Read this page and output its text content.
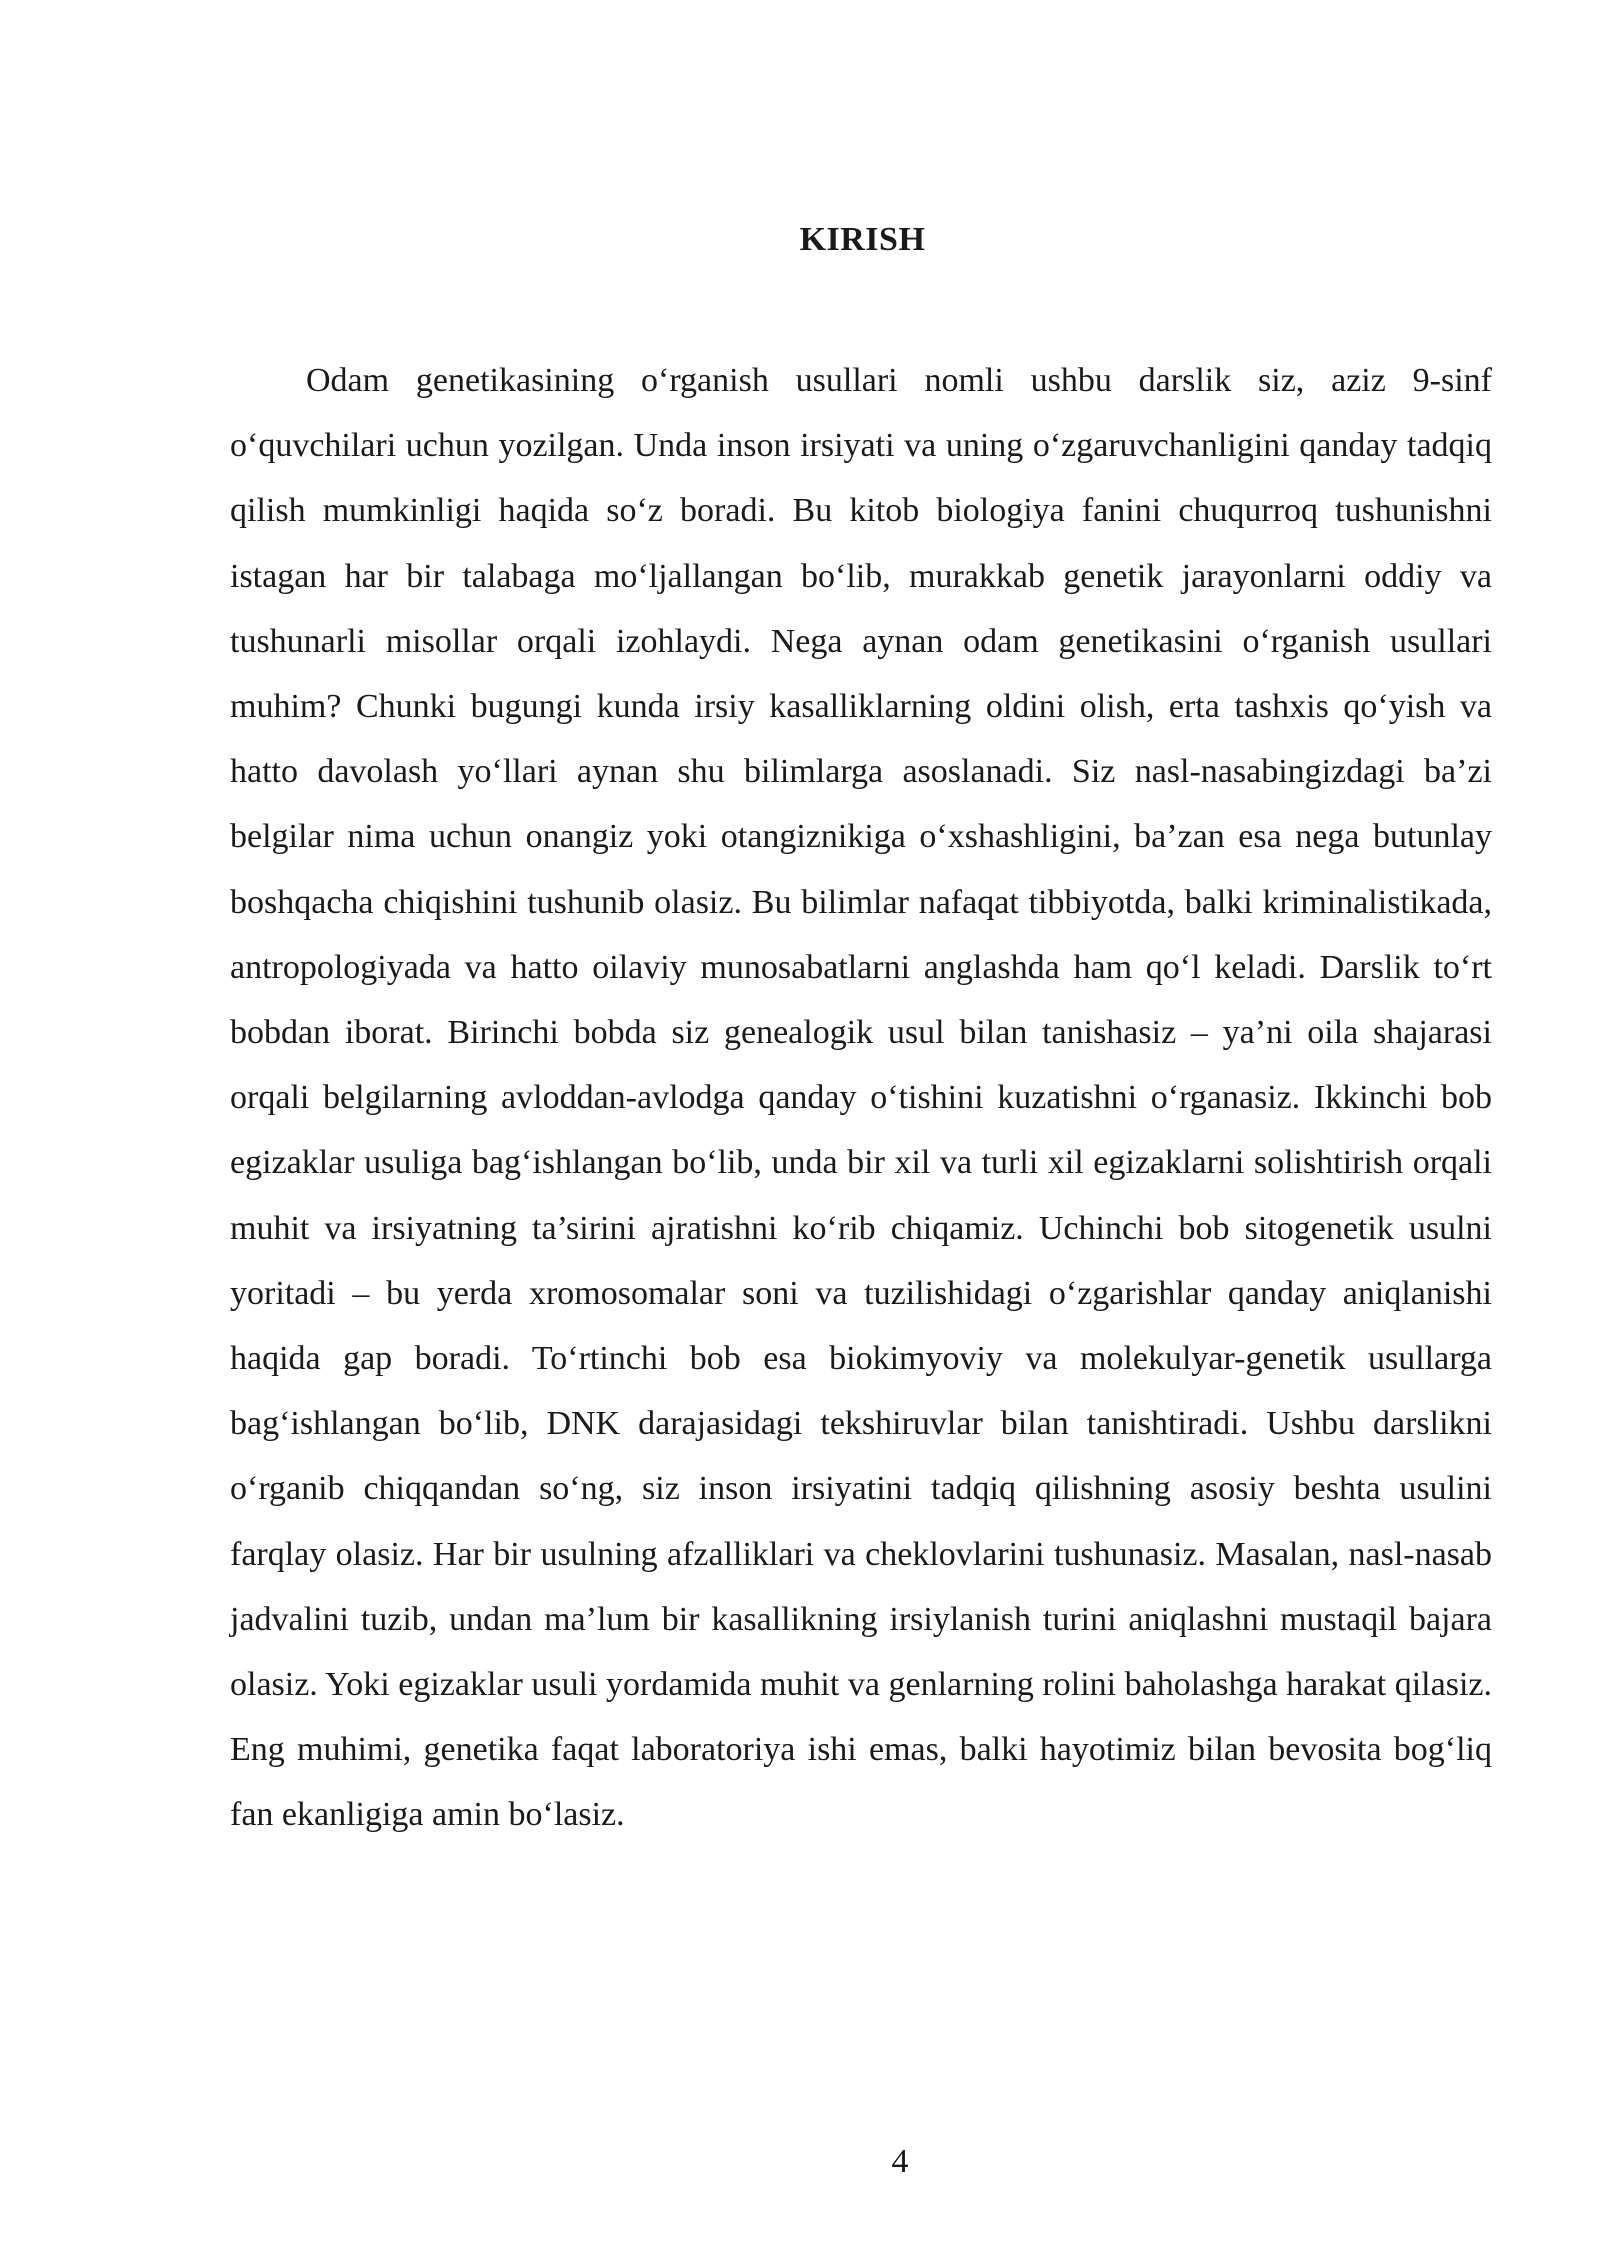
KIRISH

Odam genetikasining o‘rganish usullari nomli ushbu darslik siz, aziz 9-sinf o‘quvchilari uchun yozilgan. Unda inson irsiyati va uning o‘zgaruvchanligini qanday tadqiq qilish mumkinligi haqida so‘z boradi. Bu kitob biologiya fanini chuqurroq tushunishni istagan har bir talabaga mo‘ljallangan bo‘lib, murakkab genetik jarayonlarni oddiy va tushunarli misollar orqali izohlaydi. Nega aynan odam genetikasini o‘rganish usullari muhim? Chunki bugungi kunda irsiy kasalliklarning oldini olish, erta tashxis qo‘yish va hatto davolash yo‘llari aynan shu bilimlarga asoslanadi. Siz nasl-nasabingizdagi ba’zi belgilar nima uchun onangiz yoki otangiznikiga o‘xshashligini, ba’zan esa nega butunlay boshqacha chiqishini tushunib olasiz. Bu bilimlar nafaqat tibbiyotda, balki kriminalistikada, antropologiyada va hatto oilaviy munosabatlarni anglashda ham qo‘l keladi. Darslik to‘rt bobdan iborat. Birinchi bobda siz genealogik usul bilan tanishasiz – ya’ni oila shajarasi orqali belgilarning avloddan-avlodga qanday o‘tishini kuzatishni o‘rganasiz. Ikkinchi bob egizaklar usuliga bag‘ishlangan bo‘lib, unda bir xil va turli xil egizaklarni solishtirish orqali muhit va irsiyatning ta’sirini ajratishni ko‘rib chiqamiz. Uchinchi bob sitogenetik usulni yoritadi – bu yerda xromosomalar soni va tuzilishidagi o‘zgarishlar qanday aniqlanishi haqida gap boradi. To‘rtinchi bob esa biokimyoviy va molekulyar-genetik usullarga bag‘ishlangan bo‘lib, DNK darajasidagi tekshiruvlar bilan tanishtiradi. Ushbu darslikni o‘rganib chiqqandan so‘ng, siz inson irsiyatini tadqiq qilishning asosiy beshta usulini farqlay olasiz. Har bir usulning afzalliklari va cheklovlarini tushunasiz. Masalan, nasl-nasab jadvalini tuzib, undan ma’lum bir kasallikning irsiylanish turini aniqlashni mustaqil bajara olasiz. Yoki egizaklar usuli yordamida muhit va genlarning rolini baholashga harakat qilasiz. Eng muhimi, genetika faqat laboratoriya ishi emas, balki hayotimiz bilan bevosita bog‘liq fan ekanligiga amin bo‘lasiz.

4
